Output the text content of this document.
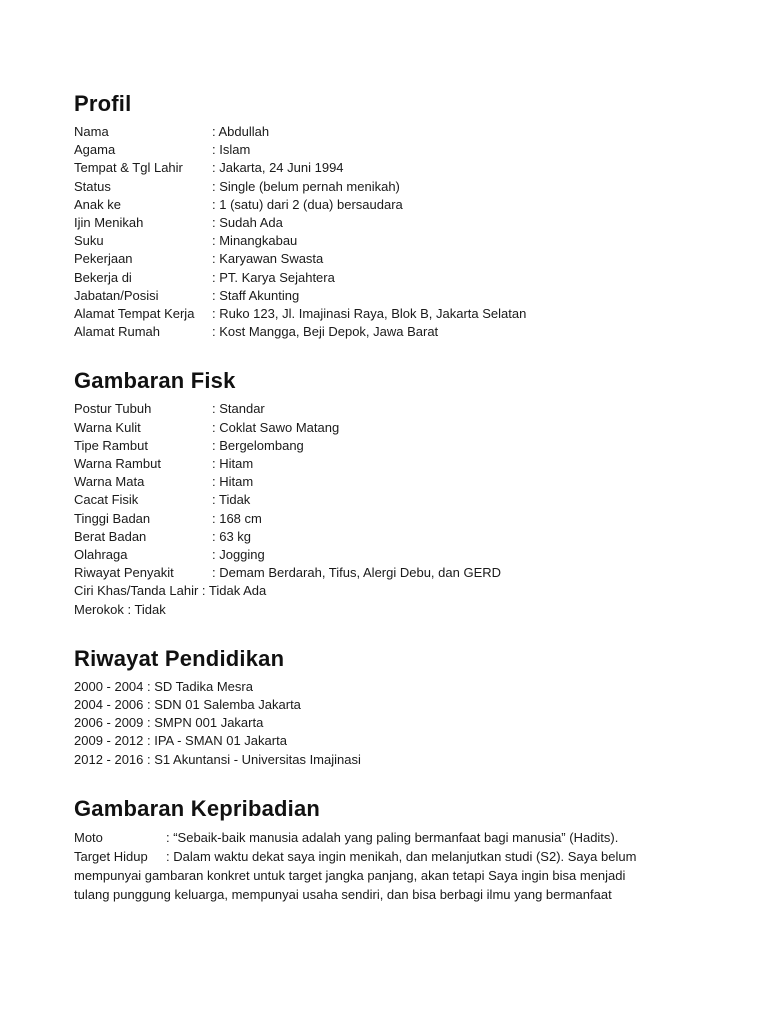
Profil
Nama	: Abdullah
Agama	: Islam
Tempat & Tgl Lahir	: Jakarta, 24 Juni 1994
Status	: Single (belum pernah menikah)
Anak ke	: 1 (satu) dari 2 (dua) bersaudara
Ijin Menikah	: Sudah Ada
Suku	: Minangkabau
Pekerjaan	: Karyawan Swasta
Bekerja di	: PT. Karya Sejahtera
Jabatan/Posisi	: Staff Akunting
Alamat Tempat Kerja	: Ruko 123, Jl. Imajinasi Raya, Blok B, Jakarta Selatan
Alamat Rumah	: Kost Mangga, Beji Depok, Jawa Barat
Gambaran Fisk
Postur Tubuh	: Standar
Warna Kulit	: Coklat Sawo Matang
Tipe Rambut	: Bergelombang
Warna Rambut	: Hitam
Warna Mata	: Hitam
Cacat Fisik	: Tidak
Tinggi Badan	: 168 cm
Berat Badan	: 63 kg
Olahraga	: Jogging
Riwayat Penyakit	: Demam Berdarah, Tifus, Alergi Debu, dan GERD
Ciri Khas/Tanda Lahir : Tidak Ada
Merokok : Tidak
Riwayat Pendidikan
2000 - 2004 : SD Tadika Mesra
2004 - 2006 : SDN 01 Salemba Jakarta
2006 - 2009 : SMPN 001 Jakarta
2009 - 2012 : IPA - SMAN 01 Jakarta
2012 - 2016 : S1 Akuntansi - Universitas Imajinasi
Gambaran Kepribadian
Moto	: “Sebaik-baik manusia adalah yang paling bermanfaat bagi manusia” (Hadits).
Target Hidup : Dalam waktu dekat saya ingin menikah, dan melanjutkan studi (S2). Saya belum
mempunyai gambaran konkret untuk target jangka panjang, akan tetapi Saya ingin bisa menjadi
tulang punggung keluarga, mempunyai usaha sendiri, dan bisa berbagi ilmu yang bermanfaat
